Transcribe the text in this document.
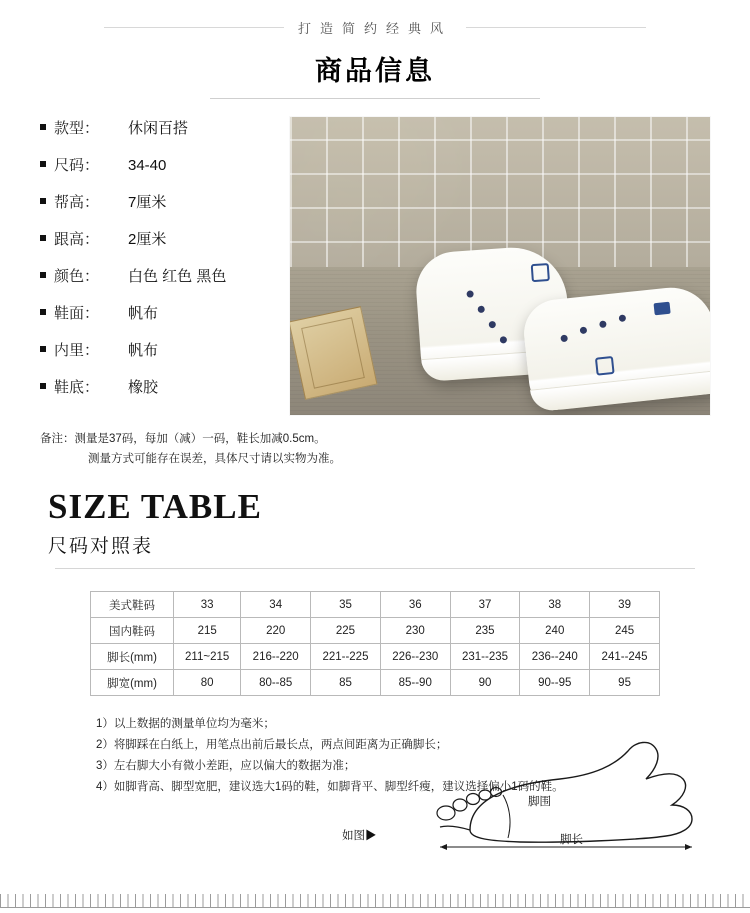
打造简约经典风
商品信息
款型：	休闲百搭
尺码：	34-40
帮高：	7厘米
跟高：	2厘米
颜色：	白色 红色 黑色
鞋面：	帆布
内里：	帆布
鞋底：	橡胶
备注：测量是37码，每加（减）一码，鞋长加减0.5cm。
测量方式可能存在误差，具体尺寸请以实物为准。
SIZE TABLE
尺码对照表
美式鞋码	33	34	35	36	37	38	39
国内鞋码	215	220	225	230	235	240	245
脚长(mm)	211~215	216--220	221--225	226--230	231--235	236--240	241--245
脚宽(mm)	80	80--85	85	85--90	90	90--95	95
1）以上数据的测量单位均为毫米；
2）将脚踩在白纸上，用笔点出前后最长点，两点间距离为正确脚长；
3）左右脚大小有微小差距，应以偏大的数据为准；
4）如脚背高、脚型宽肥，建议选大1码的鞋，如脚背平、脚型纤瘦，建议选择偏小1码的鞋。
脚围
脚长
如图▶
